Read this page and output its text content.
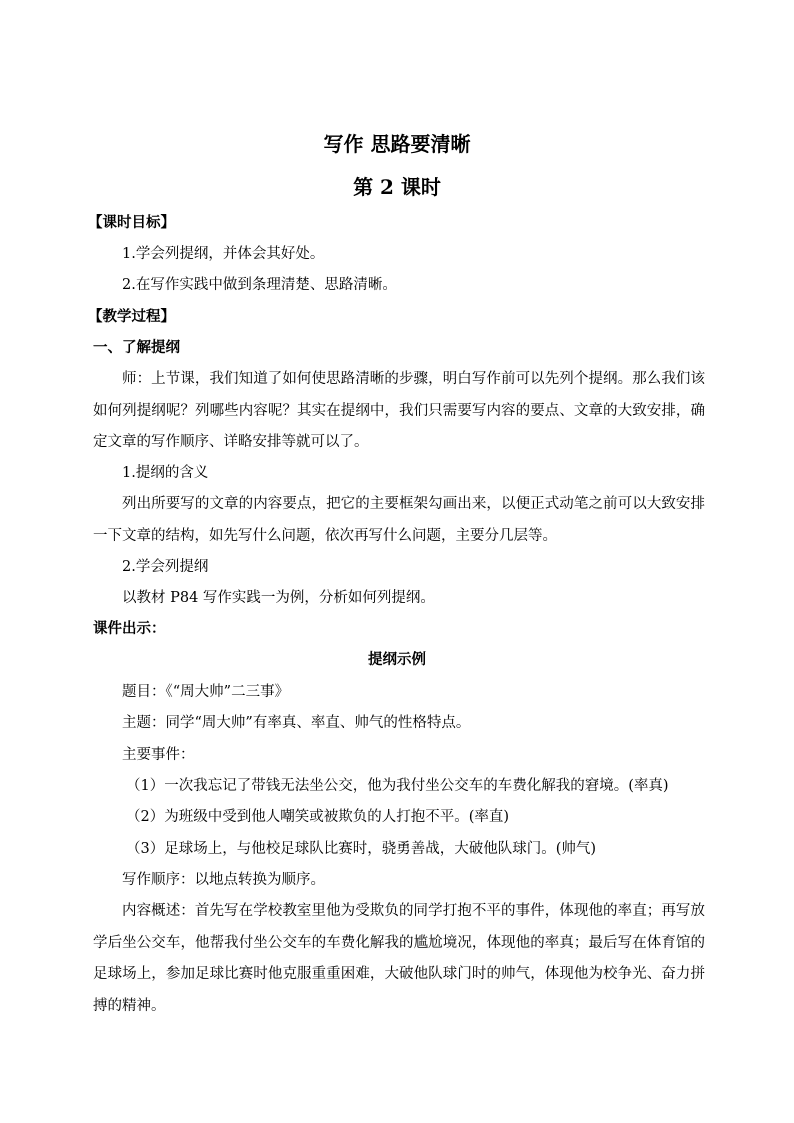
写作 思路要清晰
第 2 课时
【课时目标】
1.学会列提纲，并体会其好处。
2.在写作实践中做到条理清楚、思路清晰。
【教学过程】
一、了解提纲
师：上节课，我们知道了如何使思路清晰的步骤，明白写作前可以先列个提纲。那么我们该如何列提纲呢？列哪些内容呢？其实在提纲中，我们只需要写内容的要点、文章的大致安排，确定文章的写作顺序、详略安排等就可以了。
1.提纲的含义
列出所要写的文章的内容要点，把它的主要框架勾画出来，以便正式动笔之前可以大致安排一下文章的结构，如先写什么问题，依次再写什么问题，主要分几层等。
2.学会列提纲
以教材 P84 写作实践一为例，分析如何列提纲。
课件出示：
提纲示例
题目：《“周大帅”二三事》
主题：同学“周大帅”有率真、率直、帅气的性格特点。
主要事件：
（1）一次我忘记了带钱无法坐公交，他为我付坐公交车的车费化解我的窘境。(率真)
（2）为班级中受到他人嘲笑或被欺负的人打抱不平。(率直)
（3）足球场上，与他校足球队比赛时，骁勇善战，大破他队球门。(帅气)
写作顺序：以地点转换为顺序。
内容概述：首先写在学校教室里他为受欺负的同学打抱不平的事件，体现他的率直；再写放学后坐公交车，他帮我付坐公交车的车费化解我的尴尬境况，体现他的率真；最后写在体育馆的足球场上，参加足球比赛时他克服重重困难，大破他队球门时的帅气，体现他为校争光、奋力拼搏的精神。
